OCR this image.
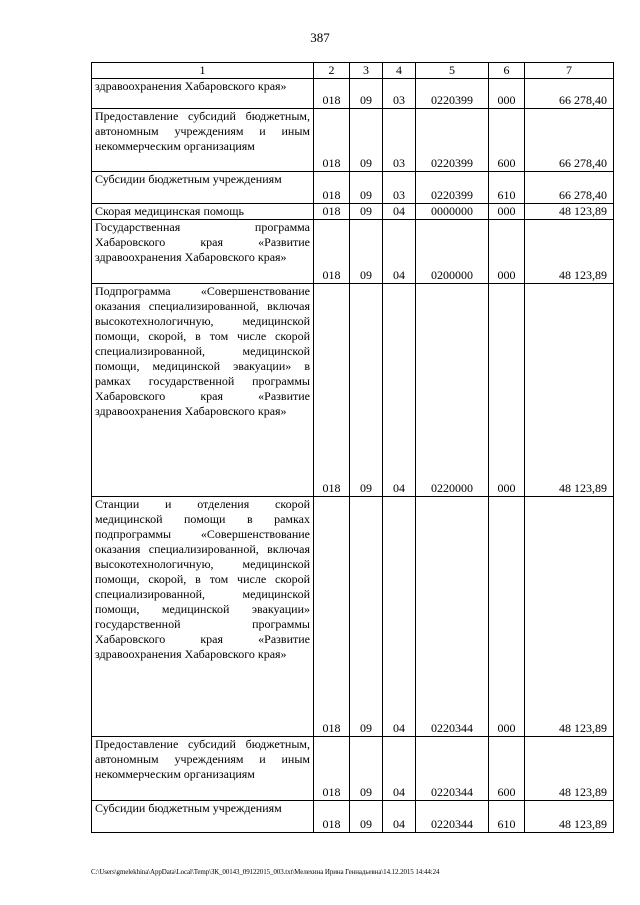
387
1	2	3	4	5	6	7
здравоохранения Хабаровского края»	018	09	03	0220399	000	66 278,40
Предоставление субсидий бюджетным, автономным учреждениям и иным некоммерческим организациям	018	09	03	0220399	600	66 278,40
Субсидии бюджетным учреждениям	018	09	03	0220399	610	66 278,40
Скорая медицинская помощь	018	09	04	0000000	000	48 123,89
Государственная программа Хабаровского края «Развитие здравоохранения Хабаровского края»	018	09	04	0200000	000	48 123,89
Подпрограмма «Совершенствование оказания специализированной, включая высокотехнологичную, медицинской помощи, скорой, в том числе скорой специализированной, медицинской помощи, медицинской эвакуации» в рамках государственной программы Хабаровского края «Развитие здравоохранения Хабаровского края»	018	09	04	0220000	000	48 123,89
Станции и отделения скорой медицинской помощи в рамках подпрограммы «Совершенствование оказания специализированной, включая высокотехнологичную, медицинской помощи, скорой, в том числе скорой специализированной, медицинской помощи, медицинской эвакуации» государственной программы Хабаровского края «Развитие здравоохранения Хабаровского края»	018	09	04	0220344	000	48 123,89
Предоставление субсидий бюджетным, автономным учреждениям и иным некоммерческим организациям	018	09	04	0220344	600	48 123,89
Субсидии бюджетным учреждениям	018	09	04	0220344	610	48 123,89
C:\Users\gmelekhina\AppData\Local\Temp\ЗК_00143_09122015_003.txt\Мелехина Ирина Геннадьевна\14.12.2015 14:44:24
